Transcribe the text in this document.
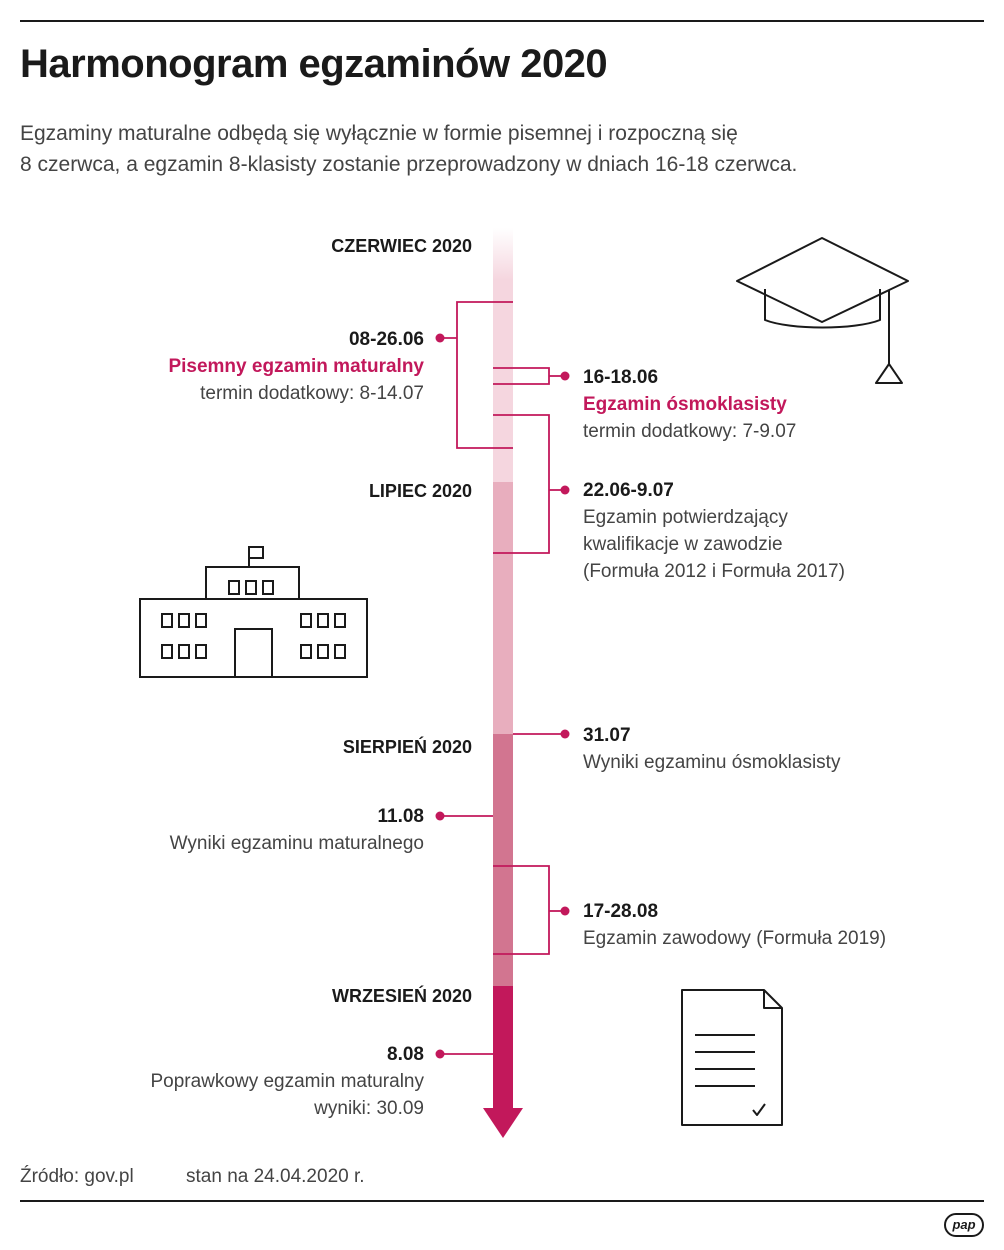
Harmonogram egzaminów 2020

Egzaminy maturalne odbędą się wyłącznie w formie pisemnej i rozpoczną się
8 czerwca, a egzamin 8-klasisty zostanie przeprowadzony w dniach 16-18 czerwca.

CZERWIEC 2020
LIPIEC 2020
SIERPIEŃ 2020
WRZESIEŃ 2020
08-26.06
Pisemny egzamin maturalny
termin dodatkowy: 8-14.07
16-18.06
Egzamin ósmoklasisty
termin dodatkowy: 7-9.07
22.06-9.07
Egzamin potwierdzający
kwalifikacje w zawodzie
(Formuła 2012 i Formuła 2017)
31.07
Wyniki egzaminu ósmoklasisty
11.08
Wyniki egzaminu maturalnego
17-28.08
Egzamin zawodowy (Formuła 2019)
8.08
Poprawkowy egzamin maturalny
wyniki: 30.09
Źródło: gov.pl	stan na 24.04.2020 r.
pap
